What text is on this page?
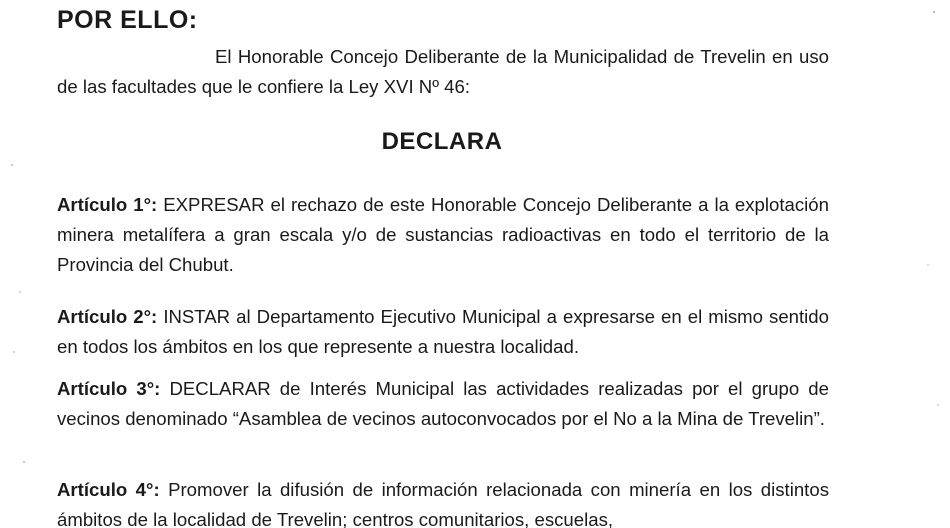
POR ELLO:

El Honorable Concejo Deliberante de la Municipalidad de Trevelin en uso de las facultades que le confiere la Ley XVI Nº 46:

DECLARA

Artículo 1°: EXPRESAR el rechazo de este Honorable Concejo Deliberante a la explotación minera metalífera a gran escala y/o de sustancias radioactivas en todo el territorio de la Provincia del Chubut.

Artículo 2°: INSTAR al Departamento Ejecutivo Municipal a expresarse en el mismo sentido en todos los ámbitos en los que represente a nuestra localidad.

Artículo 3°: DECLARAR de Interés Municipal las actividades realizadas por el grupo de vecinos denominado “Asamblea de vecinos autoconvocados por el No a la Mina de Trevelin”.

Artículo 4°: Promover la difusión de información relacionada con minería en los distintos ámbitos de la localidad de Trevelin; centros comunitarios, escuelas,
